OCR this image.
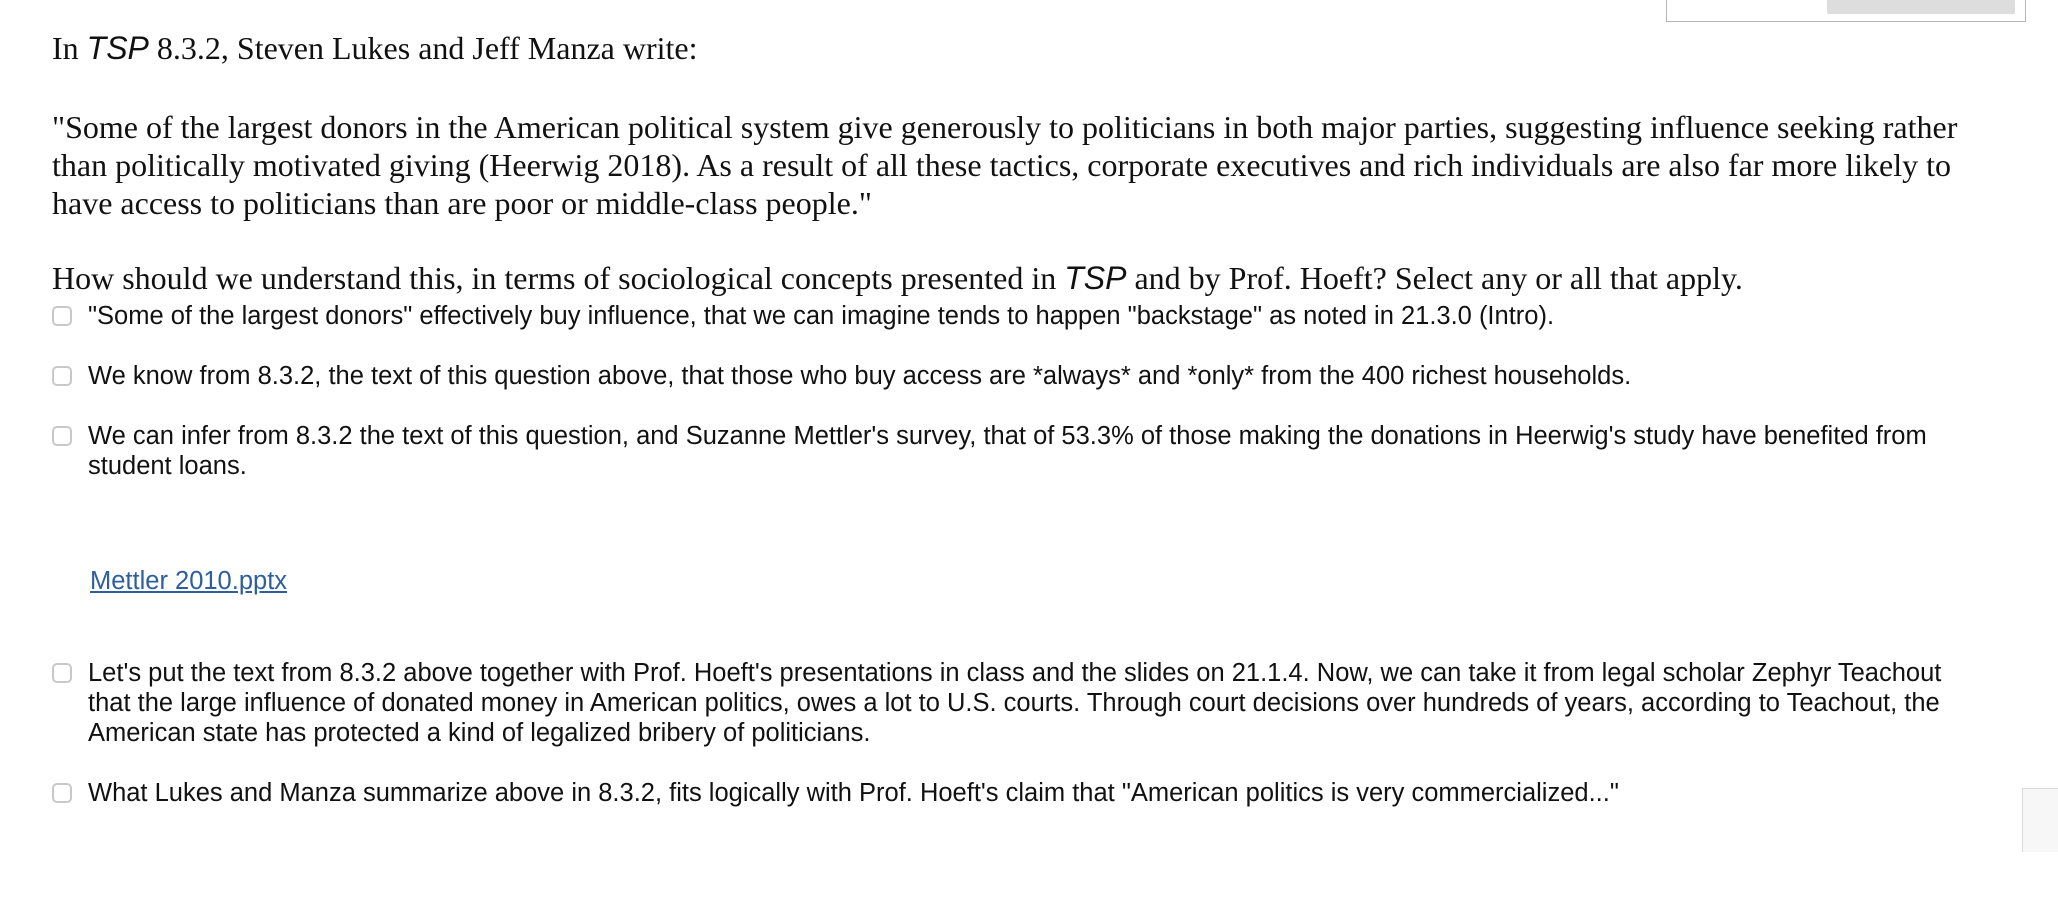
In TSP 8.3.2, Steven Lukes and Jeff Manza write:
"Some of the largest donors in the American political system give generously to politicians in both major parties, suggesting influence seeking rather than politically motivated giving (Heerwig 2018). As a result of all these tactics, corporate executives and rich individuals are also far more likely to have access to politicians than are poor or middle-class people."
How should we understand this, in terms of sociological concepts presented in TSP and by Prof. Hoeft? Select any or all that apply.
"Some of the largest donors" effectively buy influence, that we can imagine tends to happen "backstage" as noted in 21.3.0 (Intro).
We know from 8.3.2, the text of this question above, that those who buy access are *always* and *only* from the 400 richest households.
We can infer from 8.3.2 the text of this question, and Suzanne Mettler's survey, that of 53.3% of those making the donations in Heerwig's study have benefited from student loans.
Mettler 2010.pptx
Let's put the text from 8.3.2 above together with Prof. Hoeft's presentations in class and the slides on 21.1.4. Now, we can take it from legal scholar Zephyr Teachout that the large influence of donated money in American politics, owes a lot to U.S. courts. Through court decisions over hundreds of years, according to Teachout, the American state has protected a kind of legalized bribery of politicians.
What Lukes and Manza summarize above in 8.3.2, fits logically with Prof. Hoeft's claim that "American politics is very commercialized..."
